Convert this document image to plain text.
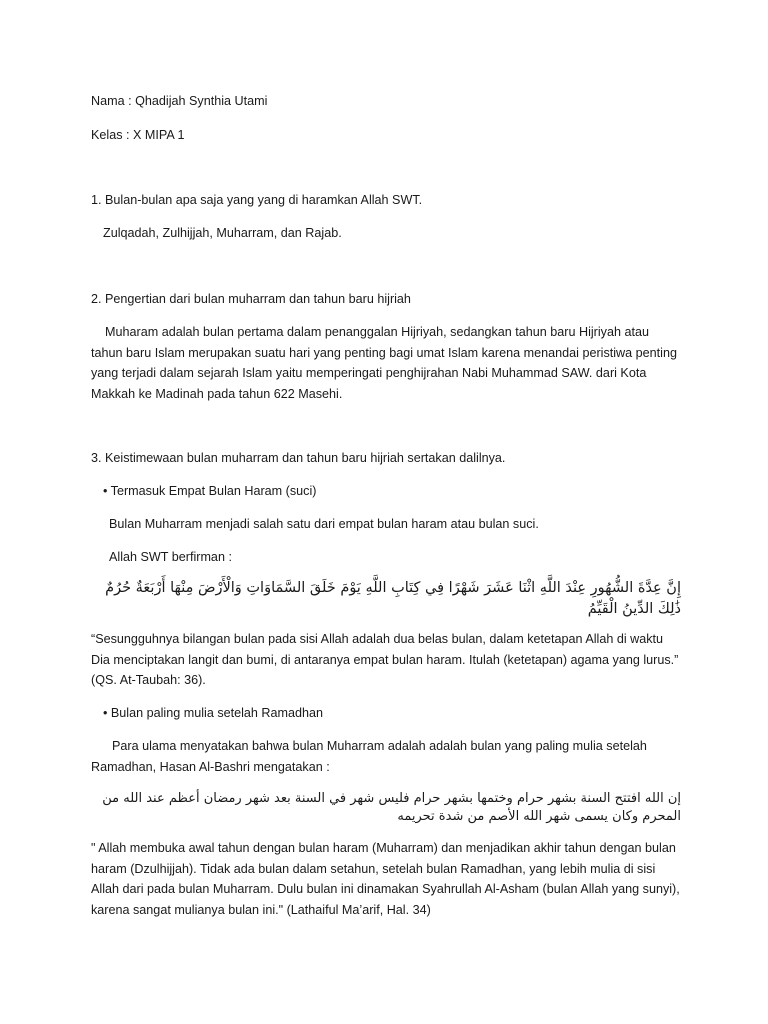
Nama : Qhadijah Synthia Utami
Kelas : X MIPA 1
1. Bulan-bulan apa saja yang yang di haramkan Allah SWT.
Zulqadah, Zulhijjah, Muharram, dan Rajab.
2. Pengertian dari bulan muharram dan tahun baru hijriah
Muharam adalah bulan pertama dalam penanggalan Hijriyah, sedangkan tahun baru Hijriyah atau tahun baru Islam merupakan suatu hari yang penting bagi umat Islam karena menandai peristiwa penting yang terjadi dalam sejarah Islam yaitu memperingati penghijrahan Nabi Muhammad SAW. dari Kota Makkah ke Madinah pada tahun 622 Masehi.
3. Keistimewaan bulan muharram dan tahun baru hijriah sertakan dalilnya.
• Termasuk Empat Bulan Haram (suci)
Bulan Muharram menjadi salah satu dari empat bulan haram atau bulan suci.
Allah SWT berfirman :
إِنَّ عِدَّةَ الشُّهُورِ عِنْدَ اللَّهِ اثْنَا عَشَرَ شَهْرًا فِي كِتَابِ اللَّهِ يَوْمَ خَلَقَ السَّمَاوَاتِ وَالْأَرْضَ مِنْهَا أَرْبَعَةٌ حُرُمٌ ذَٰلِكَ الدِّينُ الْقَيِّمُ
“Sesungguhnya bilangan bulan pada sisi Allah adalah dua belas bulan, dalam ketetapan Allah di waktu Dia menciptakan langit dan bumi, di antaranya empat bulan haram. Itulah (ketetapan) agama yang lurus.” (QS. At-Taubah: 36).
• Bulan paling mulia setelah Ramadhan
Para ulama menyatakan bahwa bulan Muharram adalah adalah bulan yang paling mulia setelah Ramadhan, Hasan Al-Bashri mengatakan :
إن الله افتتح السنة بشهر حرام وختمها بشهر حرام فليس شهر في السنة بعد شهر رمضان أعظم عند الله من المحرم وكان يسمى شهر الله الأصم من شدة تحريمه
" Allah membuka awal tahun dengan bulan haram (Muharram) dan menjadikan akhir tahun dengan bulan haram (Dzulhijjah). Tidak ada bulan dalam setahun, setelah bulan Ramadhan, yang lebih mulia di sisi Allah dari pada bulan Muharram. Dulu bulan ini dinamakan Syahrullah Al-Asham (bulan Allah yang sunyi), karena sangat mulianya bulan ini." (Lathaiful Ma’arif, Hal. 34)
